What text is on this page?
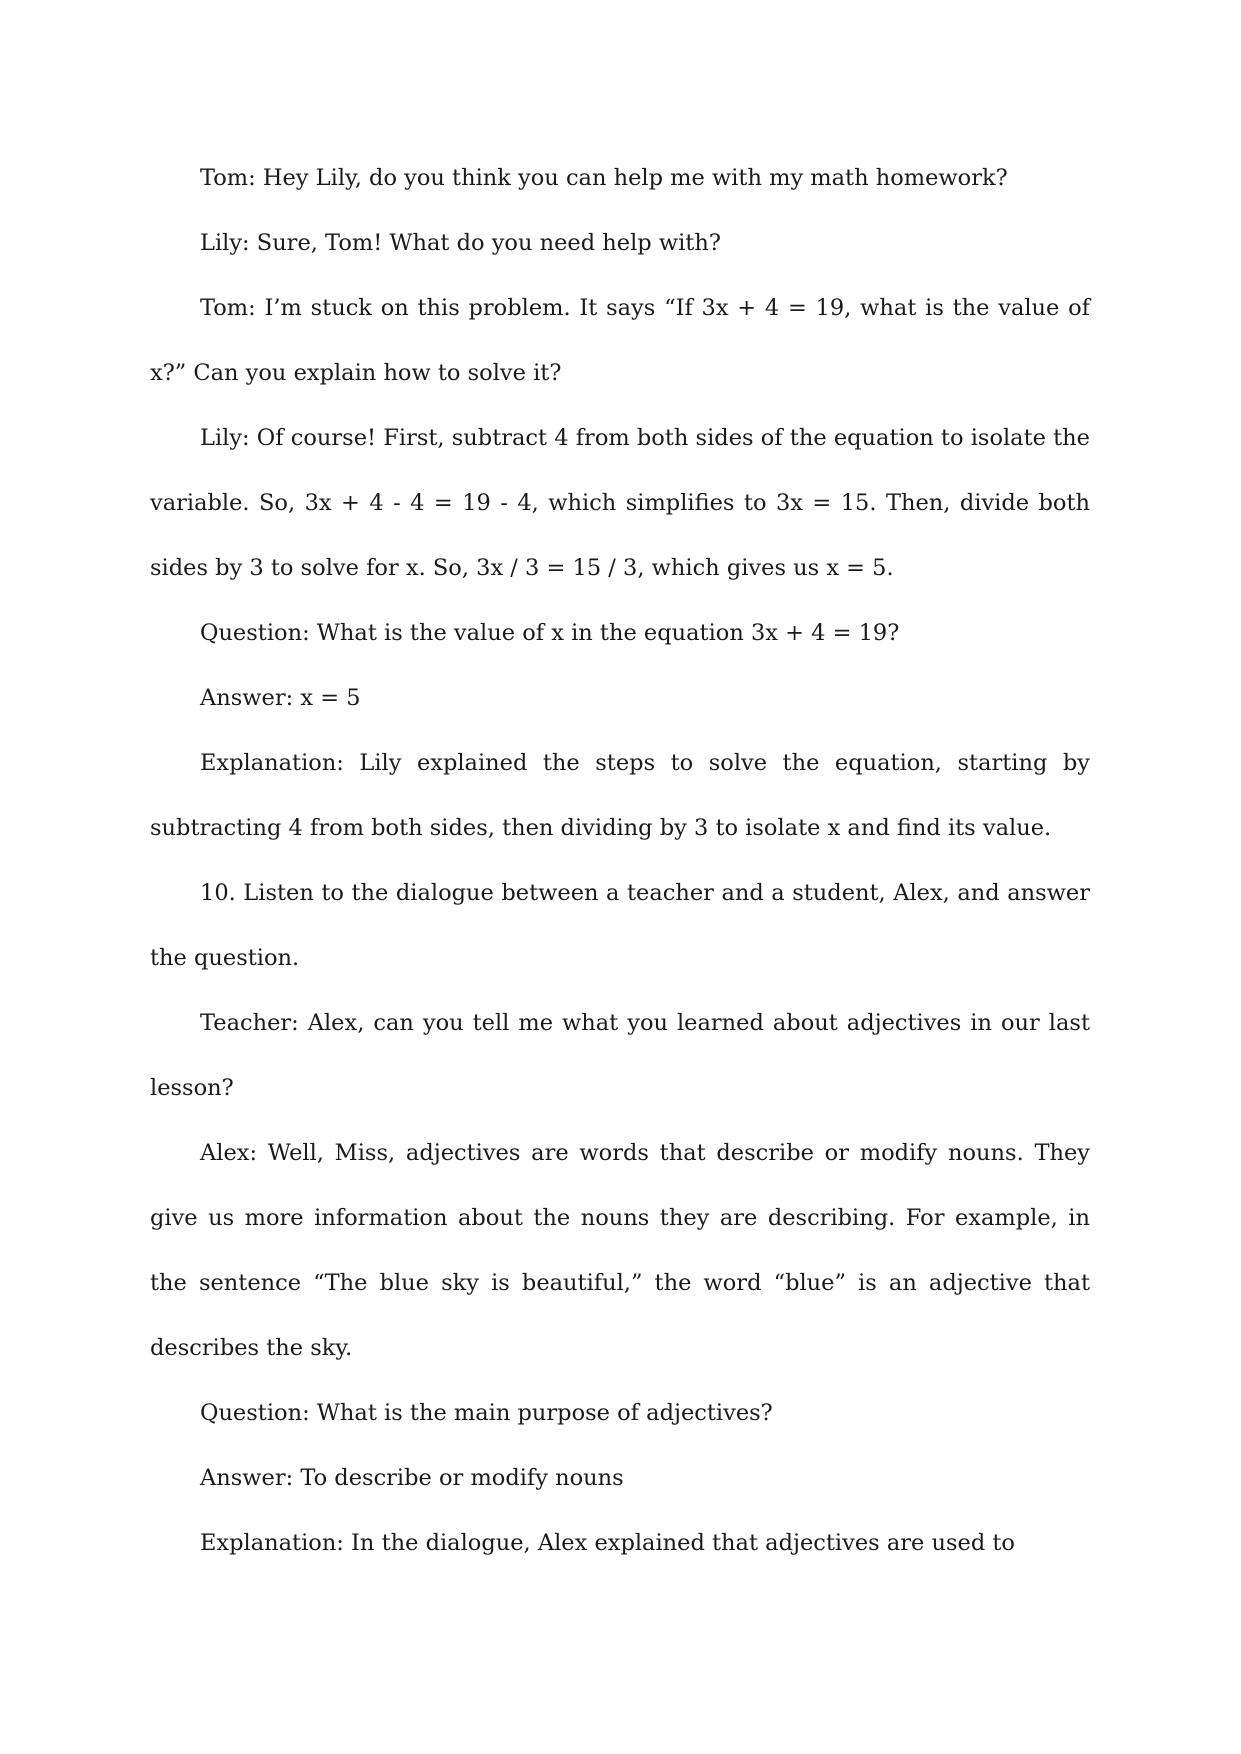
Tom: Hey Lily, do you think you can help me with my math homework?

Lily: Sure, Tom! What do you need help with?

Tom: I’m stuck on this problem. It says “If 3x + 4 = 19, what is the value of x?” Can you explain how to solve it?

Lily: Of course! First, subtract 4 from both sides of the equation to isolate the variable. So, 3x + 4 - 4 = 19 - 4, which simplifies to 3x = 15. Then, divide both sides by 3 to solve for x. So, 3x / 3 = 15 / 3, which gives us x = 5.

Question: What is the value of x in the equation 3x + 4 = 19?

Answer: x = 5

Explanation: Lily explained the steps to solve the equation, starting by subtracting 4 from both sides, then dividing by 3 to isolate x and find its value.

10. Listen to the dialogue between a teacher and a student, Alex, and answer the question.

Teacher: Alex, can you tell me what you learned about adjectives in our last lesson?

Alex: Well, Miss, adjectives are words that describe or modify nouns. They give us more information about the nouns they are describing. For example, in the sentence “The blue sky is beautiful,” the word “blue” is an adjective that describes the sky.

Question: What is the main purpose of adjectives?

Answer: To describe or modify nouns

Explanation: In the dialogue, Alex explained that adjectives are used to
